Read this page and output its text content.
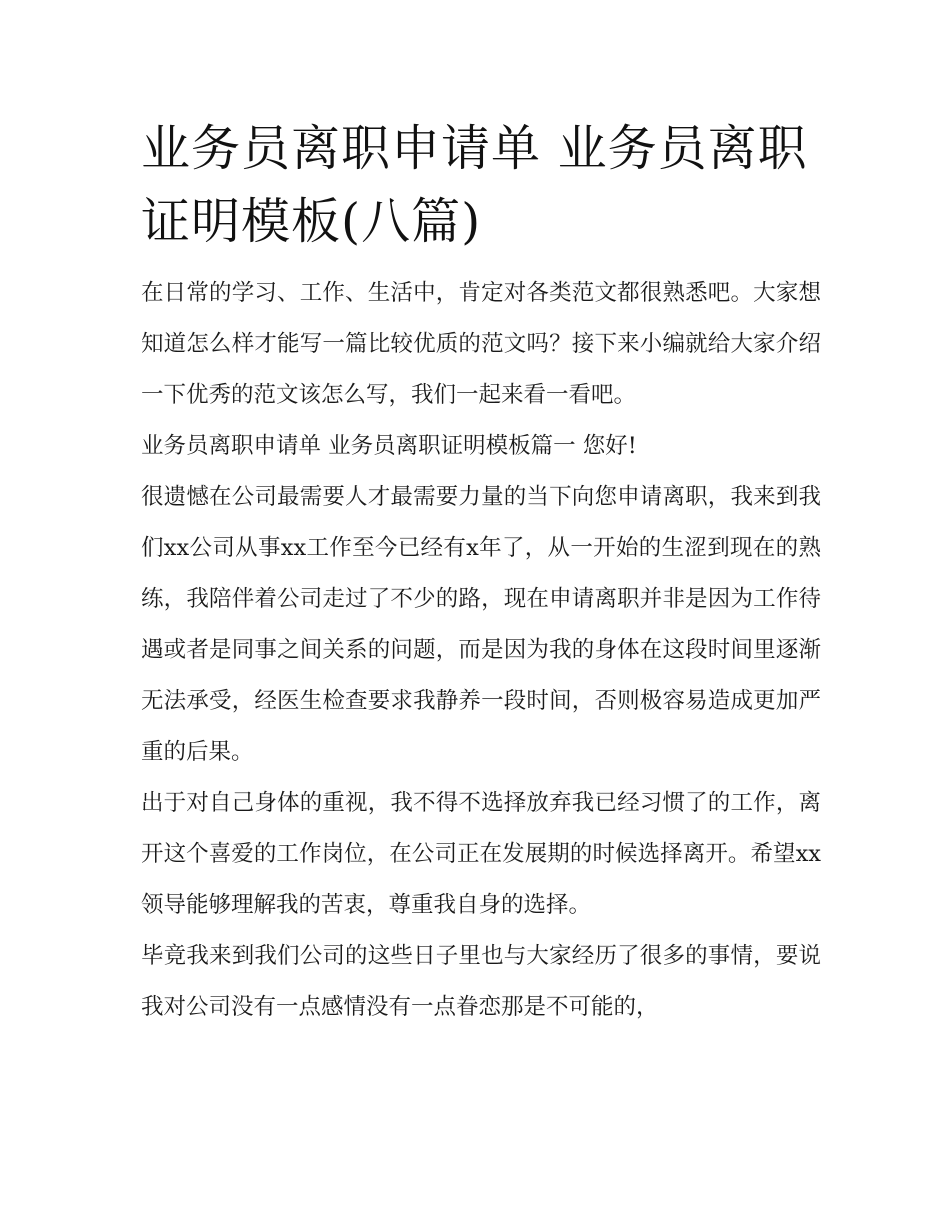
业务员离职申请单 业务员离职证明模板(八篇)

在日常的学习、工作、生活中，肯定对各类范文都很熟悉吧。大家想知道怎么样才能写一篇比较优质的范文吗？接下来小编就给大家介绍一下优秀的范文该怎么写，我们一起来看一看吧。

业务员离职申请单 业务员离职证明模板篇一 您好!

很遗憾在公司最需要人才最需要力量的当下向您申请离职，我来到我们xx公司从事xx工作至今已经有x年了，从一开始的生涩到现在的熟练，我陪伴着公司走过了不少的路，现在申请离职并非是因为工作待遇或者是同事之间关系的问题，而是因为我的身体在这段时间里逐渐无法承受，经医生检查要求我静养一段时间，否则极容易造成更加严重的后果。

出于对自己身体的重视，我不得不选择放弃我已经习惯了的工作，离开这个喜爱的工作岗位，在公司正在发展期的时候选择离开。希望xx领导能够理解我的苦衷，尊重我自身的选择。

毕竟我来到我们公司的这些日子里也与大家经历了很多的事情，要说我对公司没有一点感情没有一点眷恋那是不可能的，
